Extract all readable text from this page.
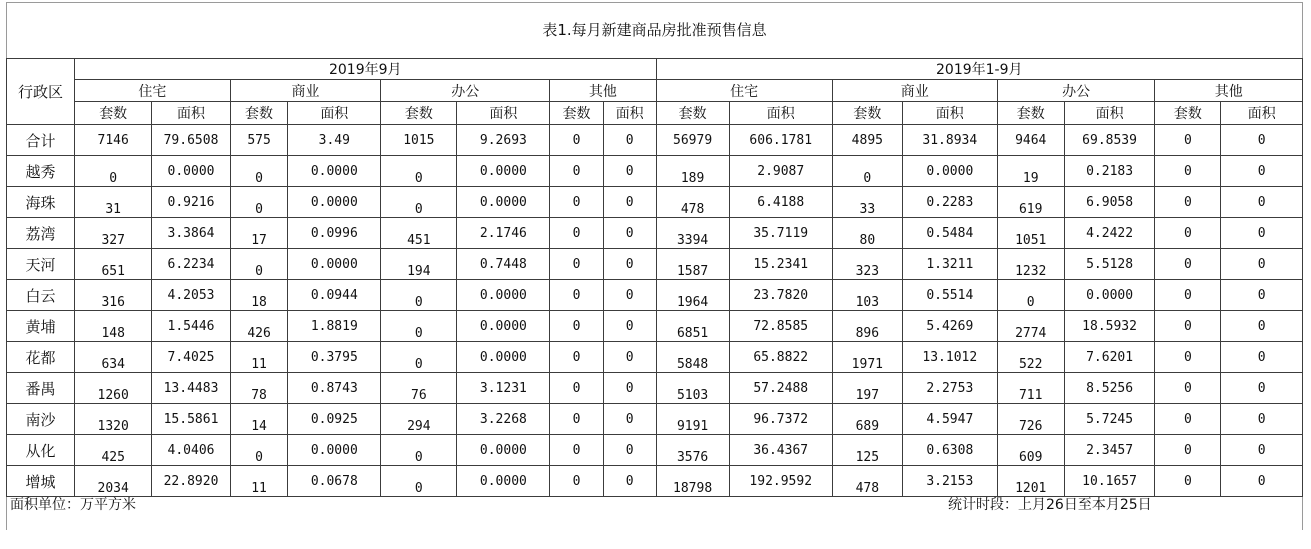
表1.每月新建商品房批准预售信息
行政区	2019年9月								2019年1-9月							
	住宅		商业		办公		其他		住宅		商业		办公		其他	
	套数	面积	套数	面积	套数	面积	套数	面积	套数	面积	套数	面积	套数	面积	套数	面积
合计	7146	79.6508	575	3.49	1015	9.2693	0	0	56979	606.1781	4895	31.8934	9464	69.8539	0	0
越秀	0	0.0000	0	0.0000	0	0.0000	0	0	189	2.9087	0	0.0000	19	0.2183	0	0
海珠	31	0.9216	0	0.0000	0	0.0000	0	0	478	6.4188	33	0.2283	619	6.9058	0	0
荔湾	327	3.3864	17	0.0996	451	2.1746	0	0	3394	35.7119	80	0.5484	1051	4.2422	0	0
天河	651	6.2234	0	0.0000	194	0.7448	0	0	1587	15.2341	323	1.3211	1232	5.5128	0	0
白云	316	4.2053	18	0.0944	0	0.0000	0	0	1964	23.7820	103	0.5514	0	0.0000	0	0
黄埔	148	1.5446	426	1.8819	0	0.0000	0	0	6851	72.8585	896	5.4269	2774	18.5932	0	0
花都	634	7.4025	11	0.3795	0	0.0000	0	0	5848	65.8822	1971	13.1012	522	7.6201	0	0
番禺	1260	13.4483	78	0.8743	76	3.1231	0	0	5103	57.2488	197	2.2753	711	8.5256	0	0
南沙	1320	15.5861	14	0.0925	294	3.2268	0	0	9191	96.7372	689	4.5947	726	5.7245	0	0
从化	425	4.0406	0	0.0000	0	0.0000	0	0	3576	36.4367	125	0.6308	609	2.3457	0	0
增城	2034	22.8920	11	0.0678	0	0.0000	0	0	18798	192.9592	478	3.2153	1201	10.1657	0	0
面积单位：万平方米	统计时段：上月26日至本月25日
